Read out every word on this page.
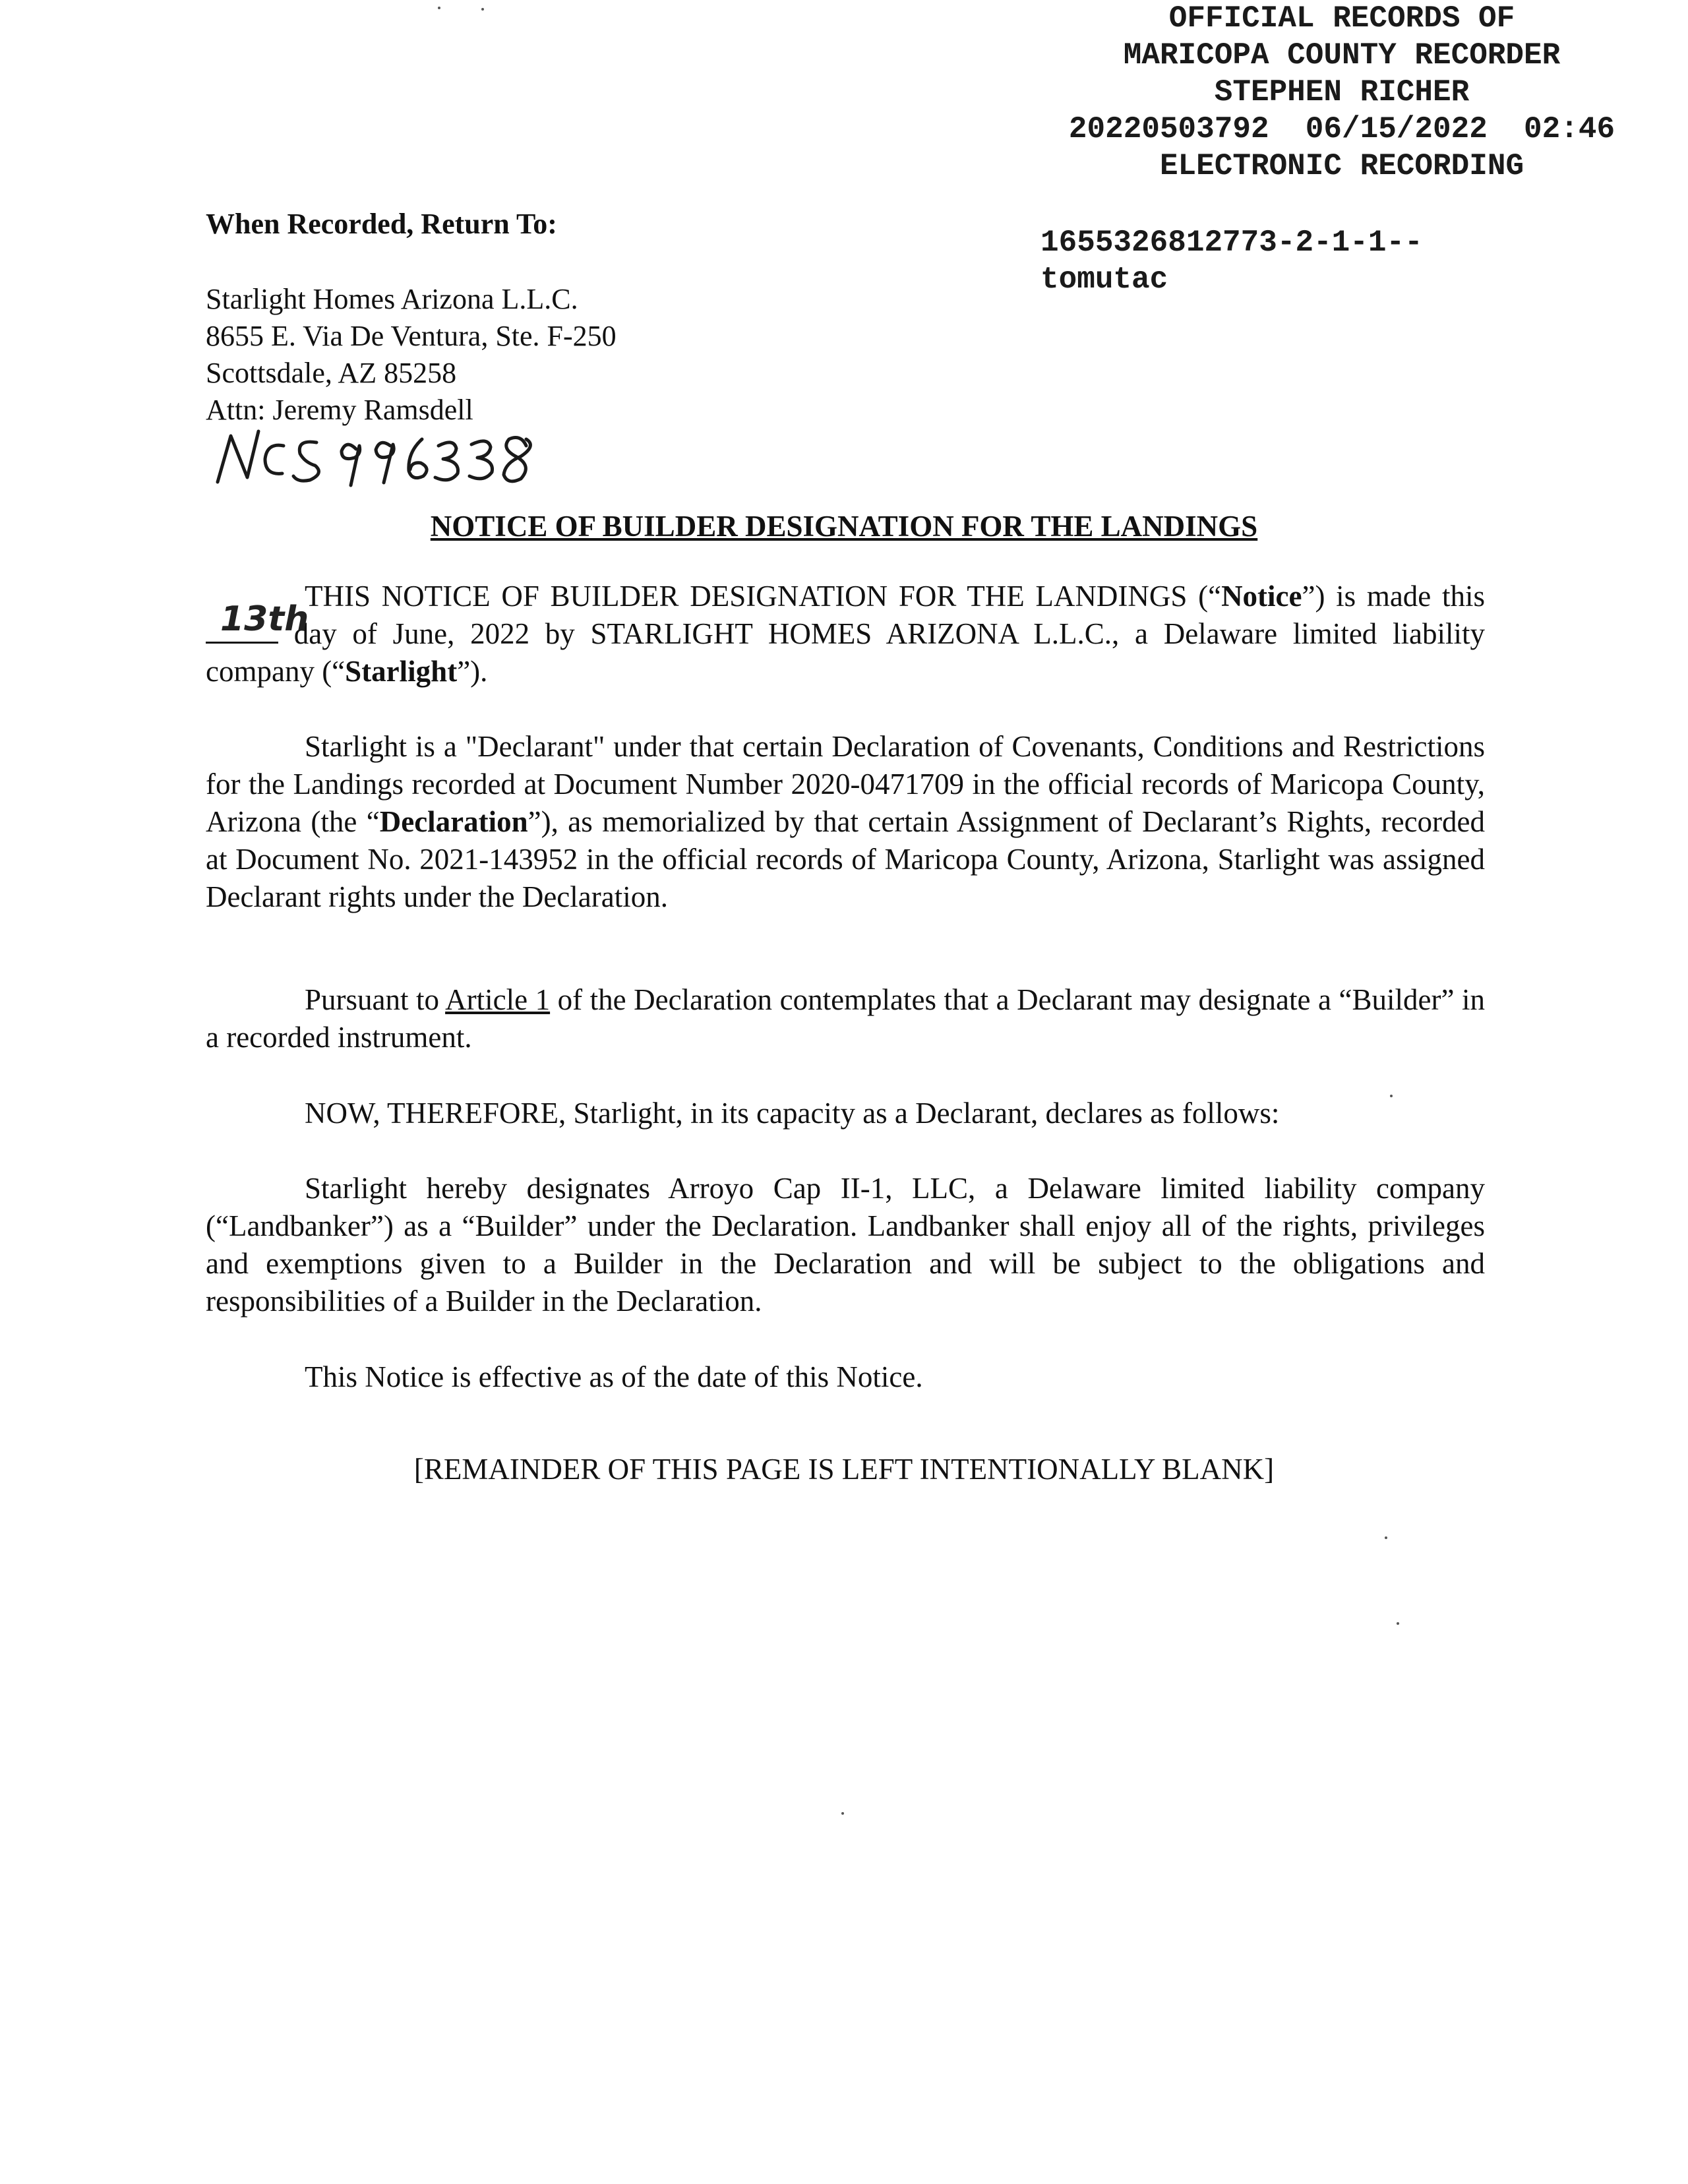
OFFICIAL RECORDS OF
MARICOPA COUNTY RECORDER
STEPHEN RICHER
20220503792  06/15/2022  02:46
ELECTRONIC RECORDING
1655326812773-2-1-1--
tomutac
When Recorded, Return To:
Starlight Homes Arizona L.L.C.
8655 E. Via De Ventura, Ste. F-250
Scottsdale, AZ 85258
Attn: Jeremy Ramsdell
NOTICE OF BUILDER DESIGNATION FOR THE LANDINGS

THIS NOTICE OF BUILDER DESIGNATION FOR THE LANDINGS (“Notice”) is made this
13th
day of June, 2022 by STARLIGHT HOMES ARIZONA L.L.C., a Delaware limited liability company (“Starlight”).

Starlight is a "Declarant" under that certain Declaration of Covenants, Conditions and Restrictions for the Landings recorded at Document Number 2020-0471709 in the official records of Maricopa County, Arizona (the “Declaration”), as memorialized by that certain Assignment of Declarant’s Rights, recorded at Document No. 2021-143952 in the official records of Maricopa County, Arizona, Starlight was assigned Declarant rights under the Declaration.

Pursuant to Article 1 of the Declaration contemplates that a Declarant may designate a “Builder” in a recorded instrument.

NOW, THEREFORE, Starlight, in its capacity as a Declarant, declares as follows:

Starlight hereby designates Arroyo Cap II-1, LLC, a Delaware limited liability company (“Landbanker”) as a “Builder” under the Declaration. Landbanker shall enjoy all of the rights, privileges and exemptions given to a Builder in the Declaration and will be subject to the obligations and responsibilities of a Builder in the Declaration.

This Notice is effective as of the date of this Notice.

[REMAINDER OF THIS PAGE IS LEFT INTENTIONALLY BLANK]
